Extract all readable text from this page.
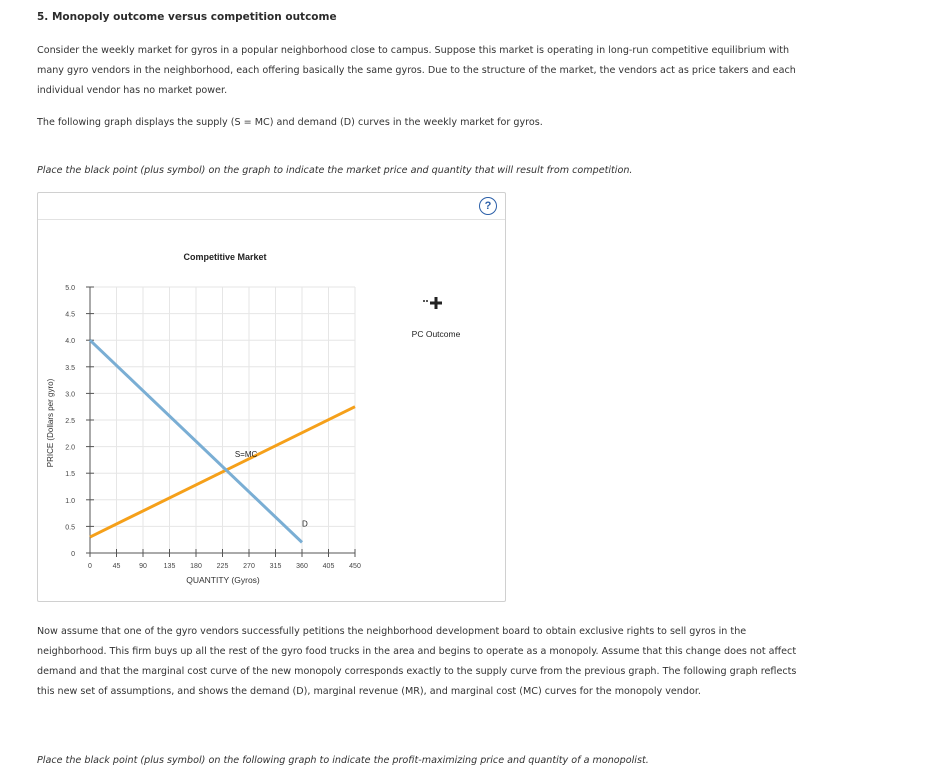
5. Monopoly outcome versus competition outcome
Consider the weekly market for gyros in a popular neighborhood close to campus. Suppose this market is operating in long-run competitive equilibrium with many gyro vendors in the neighborhood, each offering basically the same gyros. Due to the structure of the market, the vendors act as price takers and each individual vendor has no market power.
The following graph displays the supply (S = MC) and demand (D) curves in the weekly market for gyros.
Place the black point (plus symbol) on the graph to indicate the market price and quantity that will result from competition.
?
Competitive Market
0
0.5
1.0
1.5
2.0
2.5
3.0
3.5
4.0
4.5
5.0
0	45	90 135 180 225 270 315 360 405 450
S=MC
D
QUANTITY (Gyros)
PRICE (Dollars per gyro)
PC Outcome
Now assume that one of the gyro vendors successfully petitions the neighborhood development board to obtain exclusive rights to sell gyros in the neighborhood. This firm buys up all the rest of the gyro food trucks in the area and begins to operate as a monopoly. Assume that this change does not affect demand and that the marginal cost curve of the new monopoly corresponds exactly to the supply curve from the previous graph. The following graph reflects this new set of assumptions, and shows the demand (D), marginal revenue (MR), and marginal cost (MC) curves for the monopoly vendor.
Place the black point (plus symbol) on the following graph to indicate the profit-maximizing price and quantity of a monopolist.
